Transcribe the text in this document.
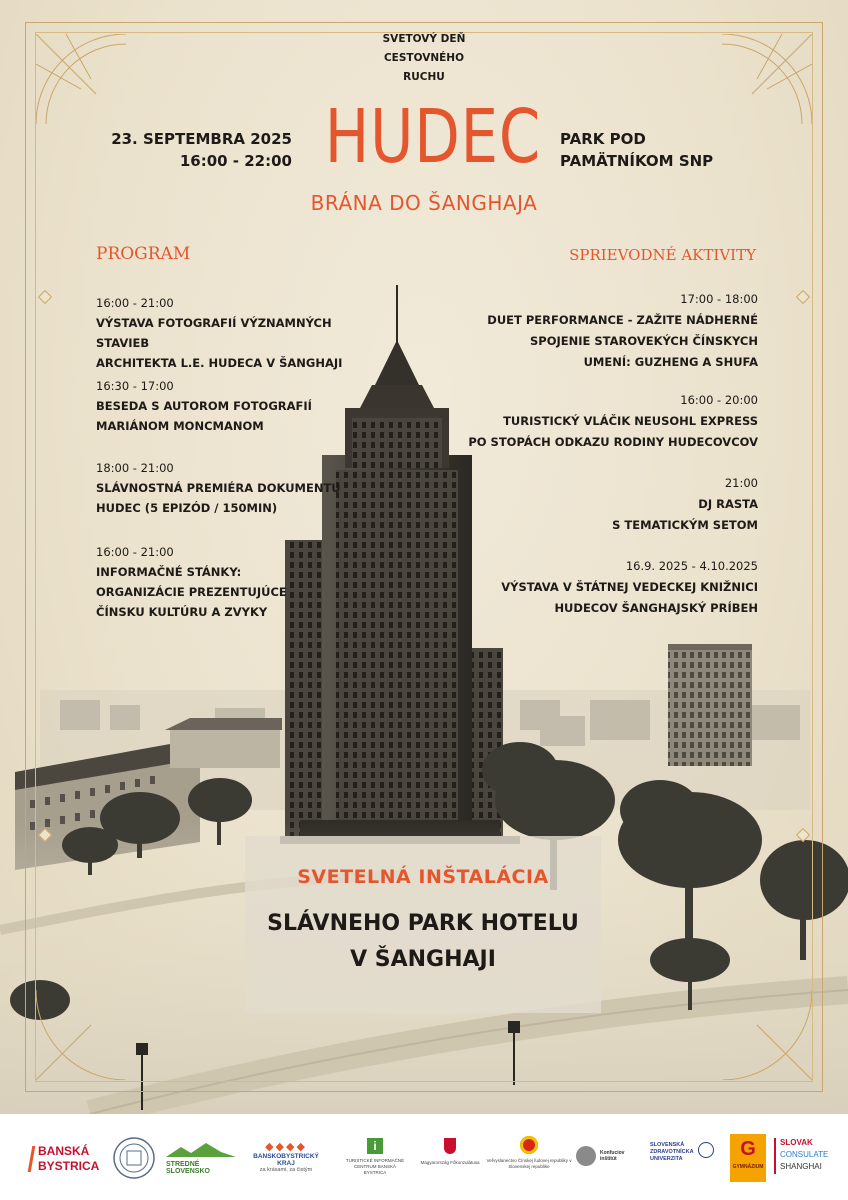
SVETOVÝ DEŇ
CESTOVNÉHO
RUCHU
23. SEPTEMBRA 2025
16:00 - 22:00 HUDEC PARK POD
PAMÄTNÍKOM SNP
BRÁNA DO ŠANGHAJA
PROGRAM
16:00 - 21:00
VÝSTAVA FOTOGRAFIÍ VÝZNAMNÝCH STAVIEB
ARCHITEKTA L.E. HUDECA V ŠANGHAJI
16:30 - 17:00
BESEDA S AUTOROM FOTOGRAFIÍ
MARIÁNOM MONCMANOM
18:00 - 21:00
SLÁVNOSTNÁ PREMIÉRA DOKUMENTU
HUDEC (5 EPIZÓD / 150MIN)
16:00 - 21:00
INFORMAČNÉ STÁNKY:
ORGANIZÁCIE PREZENTUJÚCE
ČÍNSKU KULTÚRU A ZVYKY
SPRIEVODNÉ AKTIVITY
17:00 - 18:00
DUET PERFORMANCE - ZAŽITE NÁDHERNÉ
SPOJENIE STAROVEKÝCH ČÍNSKYCH
UMENÍ: GUZHENG A SHUFA
16:00 - 20:00
TURISTICKÝ VLÁČIK NEUSOHL EXPRESS
PO STOPÁCH ODKAZU RODINY HUDECOVCOV
21:00
DJ RASTA
S TEMATICKÝM SETOM
16.9. 2025 - 4.10.2025
VÝSTAVA V ŠTÁTNEJ VEDECKEJ KNIŽNICI
HUDECOV ŠANGHAJSKÝ PRÍBEH
SVETELNÁ INŠTALÁCIA
SLÁVNEHO PARK HOTELU
V ŠANGHAJI
BANSKÁ
BYSTRICA	STREDNÉ SLOVENSKO
◆◆◆◆
BANSKOBYSTRICKÝ KRAJ
za krásami, za čistým
i
TURISTICKÉ INFORMAČNÉ CENTRUM BANSKÁ BYSTRICA
Magyarország Főkonzulátusa Veľvyslanectvo Čínskej ľudovej republiky v Slovenskej republike
Konfuciov inštitút
SLOVENSKÁ ZDRAVOTNÍCKA UNIVERZITA	G
GYMNÁZIUM
SLOVAK
CONSULATE
SHANGHAI
